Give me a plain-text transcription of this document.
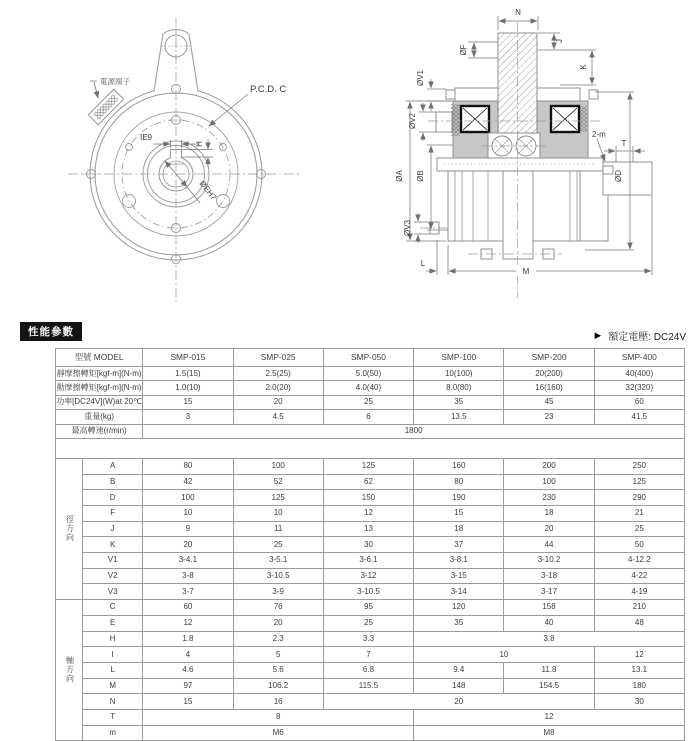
電源端子
P.C.D. C
IE9
H
ØEH7
N
ØF
J
K
ØV1
ØV2
ØA ØB
ØV3
2-m
T
ØD
L
M
性能參數	▶ 額定電壓: DC24V
型號 MODEL		SMP-015	SMP-025	SMP-050	SMP-100	SMP-200	SMP-400
靜摩擦轉矩[kgf-m](N-m)		1.5(15)	2.5(25)	5.0(50)	10(100)	20(200)	40(400)
動摩擦轉矩[kgf-m](N-m)		1.0(10)	2.0(20)	4.0(40)	8.0(80)	16(160)	32(320)
功率[DC24V](W)at 20℃		15	20	25	35	45	60
重量(kg)		3	4.5	6	13.5	23	41.5
最高轉速(r/min)		1800					

徑方向	A	80	100	125	160	200	250
	B	42	52	62	80	100	125
	D	100	125	150	190	230	290
	F	10	10	12	15	18	21
	J	9	11	13	18	20	25
	K	20	25	30	37	44	50
	V1	3-4.1	3-5.1	3-6.1	3-8.1	3-10.2	4-12.2
	V2	3-8	3-10.5	3-12	3-15	3-18	4-22
	V3	3-7	3-9	3-10.5	3-14	3-17	4-19
軸方向	C	60	76	95	120	158	210
	E	12	20	25	35	40	48
	H	1.8	2.3	3.3	3.8		
	I	4	5	7	10		12
	L	4.6	5.6	6.8	9.4	11.8	13.1
	M	97	106.2	115.5	148	154.5	180
	N	15	16	20			30
	T	8			12		
	m	M6			M8		
